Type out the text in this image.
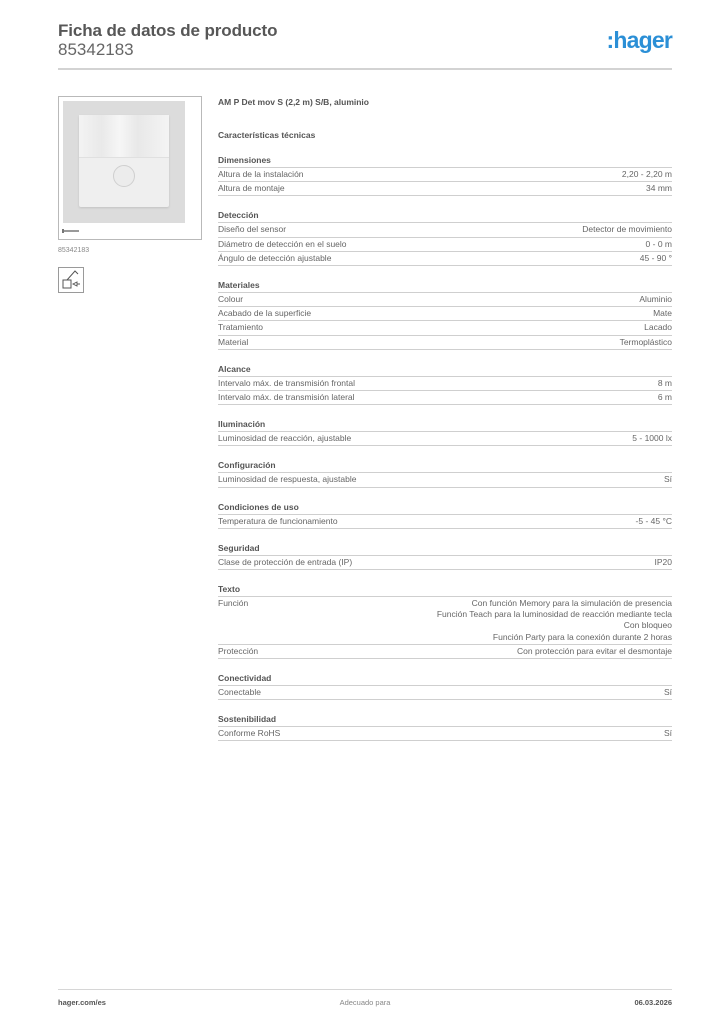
Ficha de datos de producto
85342183	:hager
85342183
AM P Det mov S (2,2 m) S/B, aluminio
Características técnicas
Dimensiones
Altura de la instalación	2,20 - 2,20 m
Altura de montaje	34 mm
Detección
Diseño del sensor	Detector de movimiento
Diámetro de detección en el suelo	0 - 0 m
Ángulo de detección ajustable	45 - 90 °
Materiales
Colour	Aluminio
Acabado de la superficie	Mate
Tratamiento	Lacado
Material	Termoplástico
Alcance
Intervalo máx. de transmisión frontal	8 m
Intervalo máx. de transmisión lateral	6 m
Iluminación
Luminosidad de reacción, ajustable	5 - 1000 lx
Configuración
Luminosidad de respuesta, ajustable	Sí
Condiciones de uso
Temperatura de funcionamiento	-5 - 45 °C
Seguridad
Clase de protección de entrada (IP)	IP20
Texto
Función	Con función Memory para la simulación de presencia
Función Teach para la luminosidad de reacción mediante tecla
Con bloqueo
Función Party para la conexión durante 2 horas
Protección	Con protección para evitar el desmontaje
Conectividad
Conectable	Sí
Sostenibilidad
Conforme RoHS	Sí
Adecuado para
hager.com/es	06.03.2026
